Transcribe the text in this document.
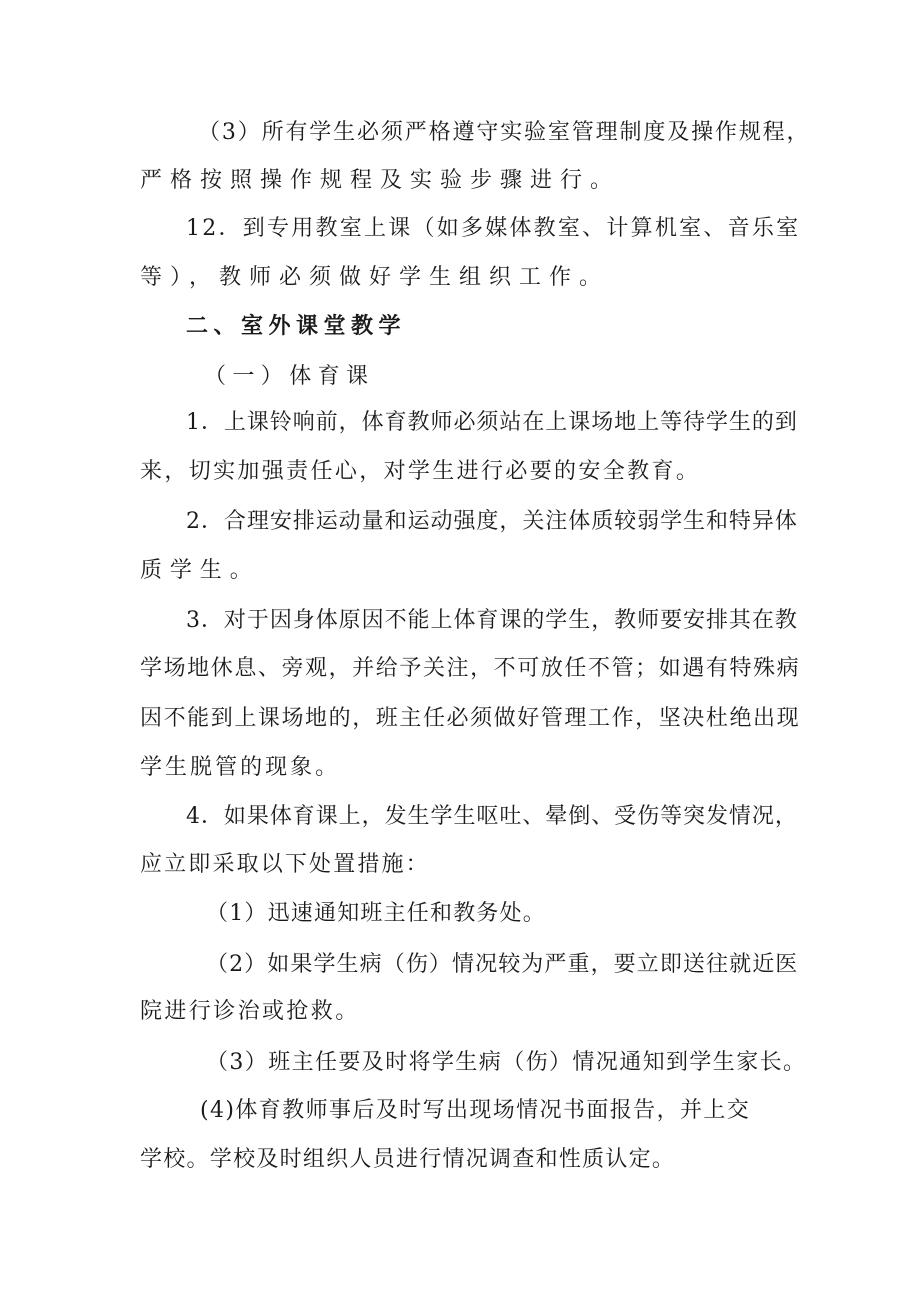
（3）所有学生必须严格遵守实验室管理制度及操作规程，
严格按照操作规程及实验步骤进行。
12．到专用教室上课（如多媒体教室、计算机室、音乐室
等），教师必须做好学生组织工作。
二、室外课堂教学
（一）体育课
1．上课铃响前，体育教师必须站在上课场地上等待学生的到
来，切实加强责任心，对学生进行必要的安全教育。
2．合理安排运动量和运动强度，关注体质较弱学生和特异体
质学生。
3．对于因身体原因不能上体育课的学生，教师要安排其在教
学场地休息、旁观，并给予关注，不可放任不管；如遇有特殊病
因不能到上课场地的，班主任必须做好管理工作，坚决杜绝出现
学生脱管的现象。
4．如果体育课上，发生学生呕吐、晕倒、受伤等突发情况，
应立即采取以下处置措施：
（1）迅速通知班主任和教务处。
（2）如果学生病（伤）情况较为严重，要立即送往就近医
院进行诊治或抢救。
（3）班主任要及时将学生病（伤）情况通知到学生家长。
(4)体育教师事后及时写出现场情况书面报告，并上交
学校。学校及时组织人员进行情况调查和性质认定。
